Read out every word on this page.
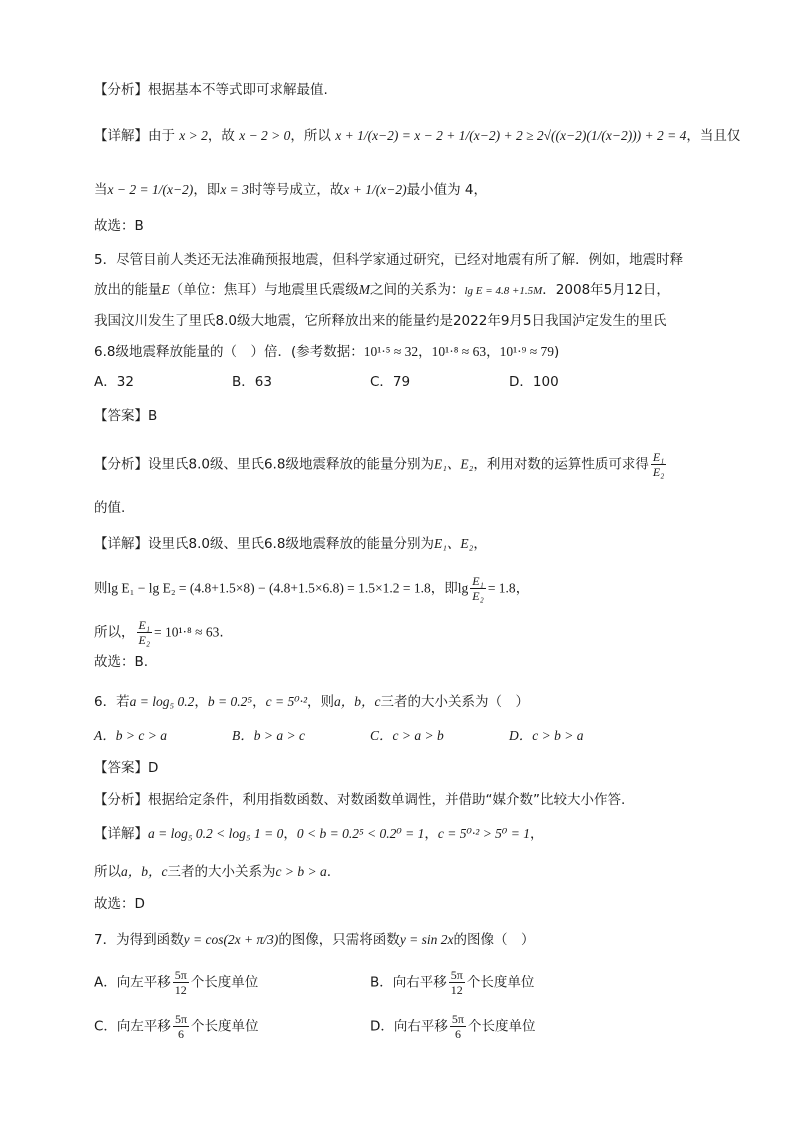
【分析】根据基本不等式即可求解最值.
【详解】由于 x > 2，故 x − 2 > 0，所以 x + 1/(x−2) = x − 2 + 1/(x−2) + 2 ≥ 2√((x−2)(1/(x−2))) + 2 = 4，当且仅
当x − 2 = 1/(x−2)，即x = 3时等号成立，故x + 1/(x−2)最小值为 4，
故选：B
5．尽管目前人类还无法准确预报地震，但科学家通过研究，已经对地震有所了解．例如，地震时释
放出的能量E（单位：焦耳）与地震里氏震级M之间的关系为：lg E = 4.8 +1.5M．2008年5月12日，
我国汶川发生了里氏8.0级大地震，它所释放出来的能量约是2022年9月5日我国泸定发生的里氏
6.8级地震释放能量的（　）倍．(参考数据：10¹·⁵ ≈ 32，10¹·⁸ ≈ 63，10¹·⁹ ≈ 79)
A．32	B．63	C．79	D．100
【答案】B
【分析】设里氏8.0级、里氏6.8级地震释放的能量分别为E₁、E₂，利用对数的运算性质可求得 $\frac{\text{E₁}}{\text{E₂}}$
的值.
【详解】设里氏8.0级、里氏6.8级地震释放的能量分别为E₁、E₂，
则lg E₁ − lg E₂ = (4.8+1.5×8) − (4.8+1.5×6.8) = 1.5×1.2 = 1.8，即$\lg \frac{\text{E₁}}{\text{E₂}} = 1.8$，
所以， $\frac{\text{E₁}}{\text{E₂}} = 10^1\cdot^8 \approx 63$.
故选：B.
6．若a = log₅ 0.2，b = 0.2⁵，c = 5⁰·²，则a，b，c三者的大小关系为（　）
A．b > c > a	B．b > a > c	C．c > a > b	D．c > b > a
【答案】D
【分析】根据给定条件，利用指数函数、对数函数单调性，并借助“媒介数”比较大小作答.
【详解】a = log₅ 0.2 < log₅ 1 = 0，0 < b = 0.2⁵ < 0.2⁰ = 1，c = 5⁰·² > 5⁰ = 1，
所以a，b，c三者的大小关系为c > b > a.
故选：D
7．为得到函数y = cos(2x + π/3)的图像，只需将函数y = sin 2x的图像（　）
A．向左平移 $\frac{5\pi}{12}$ 个长度单位	B．向右平移 $\frac{5\pi}{12}$ 个长度单位
C．向左平移 $\frac{5\pi}{6}$ 个长度单位	D．向右平移 $\frac{5\pi}{6}$ 个长度单位
